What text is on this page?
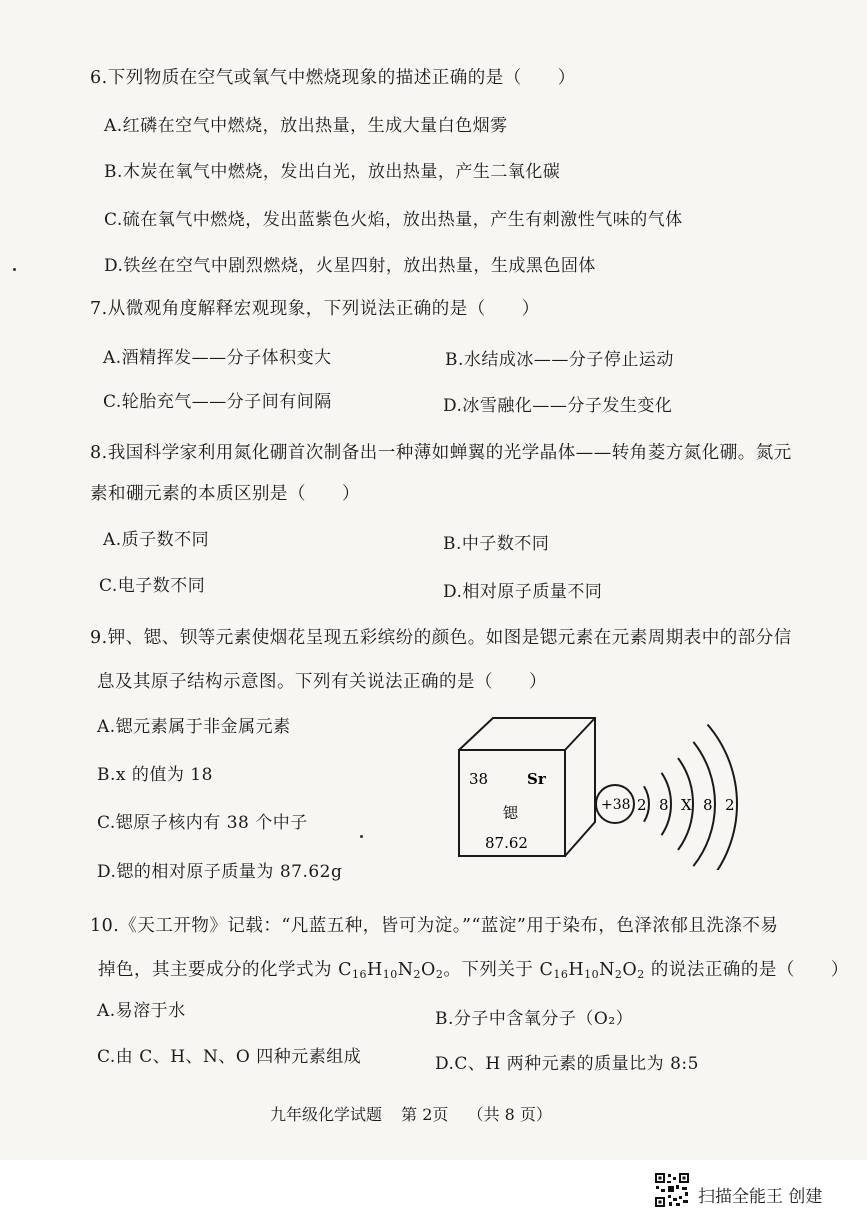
6.下列物质在空气或氧气中燃烧现象的描述正确的是（　　）
A.红磷在空气中燃烧，放出热量，生成大量白色烟雾
B.木炭在氧气中燃烧，发出白光，放出热量，产生二氧化碳
C.硫在氧气中燃烧，发出蓝紫色火焰，放出热量，产生有刺激性气味的气体
D.铁丝在空气中剧烈燃烧，火星四射，放出热量，生成黑色固体
7.从微观角度解释宏观现象，下列说法正确的是（　　）
A.酒精挥发——分子体积变大	B.水结成冰——分子停止运动
C.轮胎充气——分子间有间隔	D.冰雪融化——分子发生变化
8.我国科学家利用氮化硼首次制备出一种薄如蝉翼的光学晶体——转角菱方氮化硼。氮元
素和硼元素的本质区别是（　　）
A.质子数不同	B.中子数不同
C.电子数不同	D.相对原子质量不同
9.钾、锶、钡等元素使烟花呈现五彩缤纷的颜色。如图是锶元素在元素周期表中的部分信
息及其原子结构示意图。下列有关说法正确的是（　　）
A.锶元素属于非金属元素
B.x 的值为 18
C.锶原子核内有 38 个中子
D.锶的相对原子质量为 87.62g
38	Sr
锶
87.62
+38 2 8 X 8 2
10.《天工开物》记载：“凡蓝五种，皆可为淀。”“蓝淀”用于染布，色泽浓郁且洗涤不易
掉色，其主要成分的化学式为 $C_{16}H_{10}N_2O_2$。下列关于 $C_{16}H_{10}N_2O_2$ 的说法正确的是（　　）
A.易溶于水	B.分子中含氧分子（O₂）
C.由 C、H、N、O 四种元素组成	D.C、H 两种元素的质量比为 8:5
九年级化学试题 第 2页 （共 8 页）
扫描全能王 创建
